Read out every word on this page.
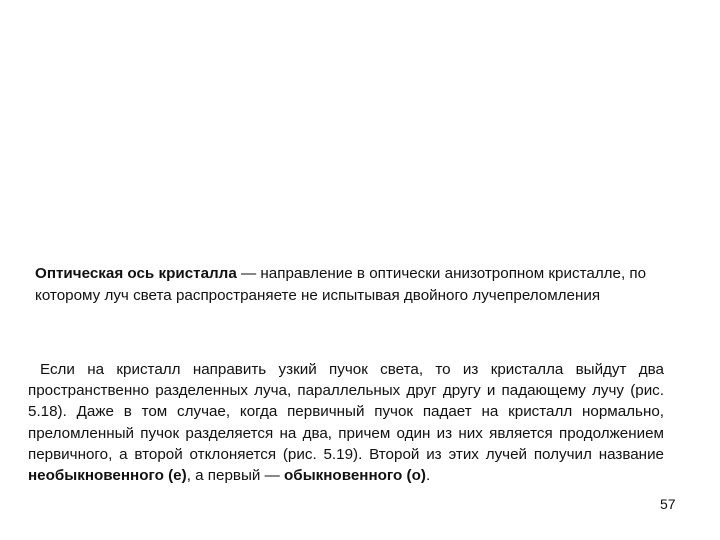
Оптическая ось кристалла — направление в оптически анизотропном кристалле, по которому луч света распространяете не испытывая двойного лучепреломления

Если на кристалл направить узкий пучок света, то из кристалла выйдут два пространственно разделенных луча, параллельных друг другу и падающему лучу (рис. 5.18). Даже в том случае, когда первичный пучок падает на кристалл нормально, преломленный пучок разделяется на два, причем один из них является продолжением первичного, а второй отклоняется (рис. 5.19). Второй из этих лучей получил название необыкновенного (е), а первый — обыкновенного (о).

57
